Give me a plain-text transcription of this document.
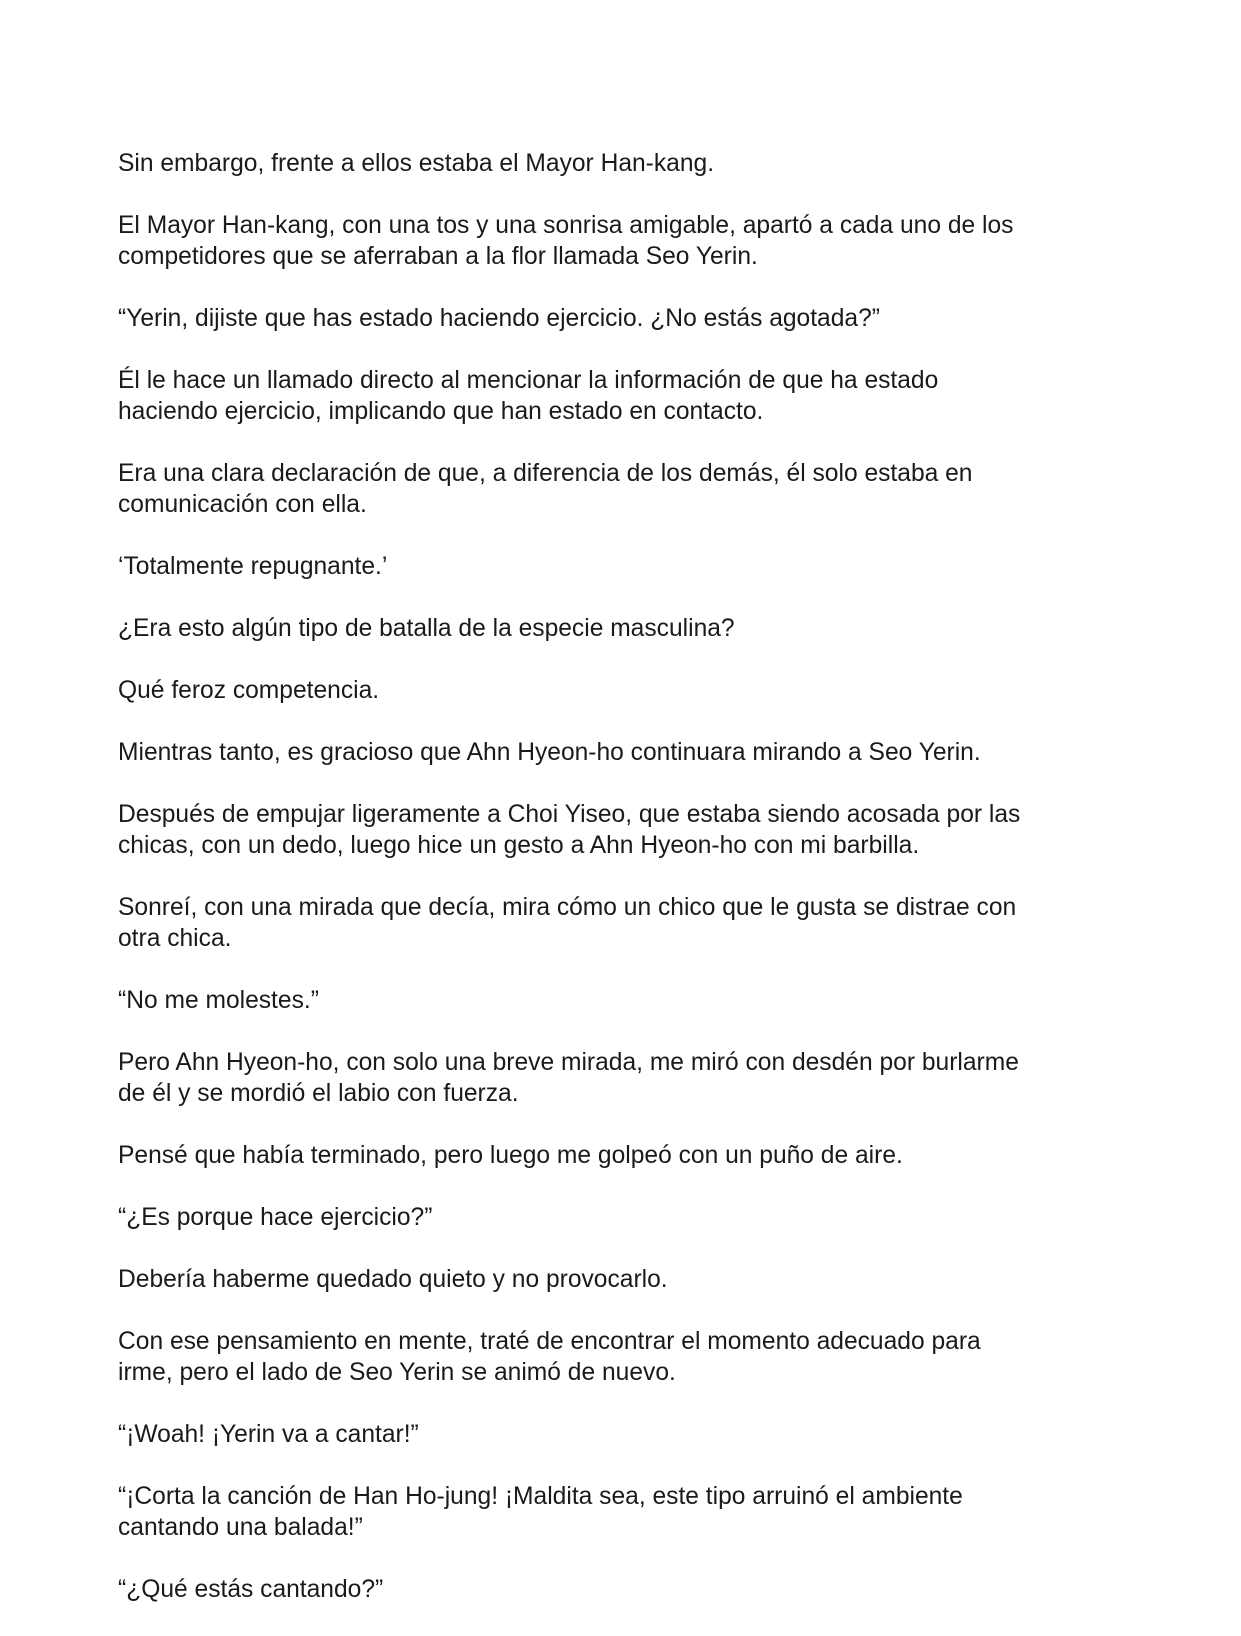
Sin embargo, frente a ellos estaba el Mayor Han-kang.

El Mayor Han-kang, con una tos y una sonrisa amigable, apartó a cada uno de los
competidores que se aferraban a la flor llamada Seo Yerin.

“Yerin, dijiste que has estado haciendo ejercicio. ¿No estás agotada?”

Él le hace un llamado directo al mencionar la información de que ha estado
haciendo ejercicio, implicando que han estado en contacto.

Era una clara declaración de que, a diferencia de los demás, él solo estaba en
comunicación con ella.

‘Totalmente repugnante.’

¿Era esto algún tipo de batalla de la especie masculina?

Qué feroz competencia.

Mientras tanto, es gracioso que Ahn Hyeon-ho continuara mirando a Seo Yerin.

Después de empujar ligeramente a Choi Yiseo, que estaba siendo acosada por las
chicas, con un dedo, luego hice un gesto a Ahn Hyeon-ho con mi barbilla.

Sonreí, con una mirada que decía, mira cómo un chico que le gusta se distrae con
otra chica.

“No me molestes.”

Pero Ahn Hyeon-ho, con solo una breve mirada, me miró con desdén por burlarme
de él y se mordió el labio con fuerza.

Pensé que había terminado, pero luego me golpeó con un puño de aire.

“¿Es porque hace ejercicio?”

Debería haberme quedado quieto y no provocarlo.

Con ese pensamiento en mente, traté de encontrar el momento adecuado para
irme, pero el lado de Seo Yerin se animó de nuevo.

“¡Woah! ¡Yerin va a cantar!”

“¡Corta la canción de Han Ho-jung! ¡Maldita sea, este tipo arruinó el ambiente
cantando una balada!”

“¿Qué estás cantando?”
